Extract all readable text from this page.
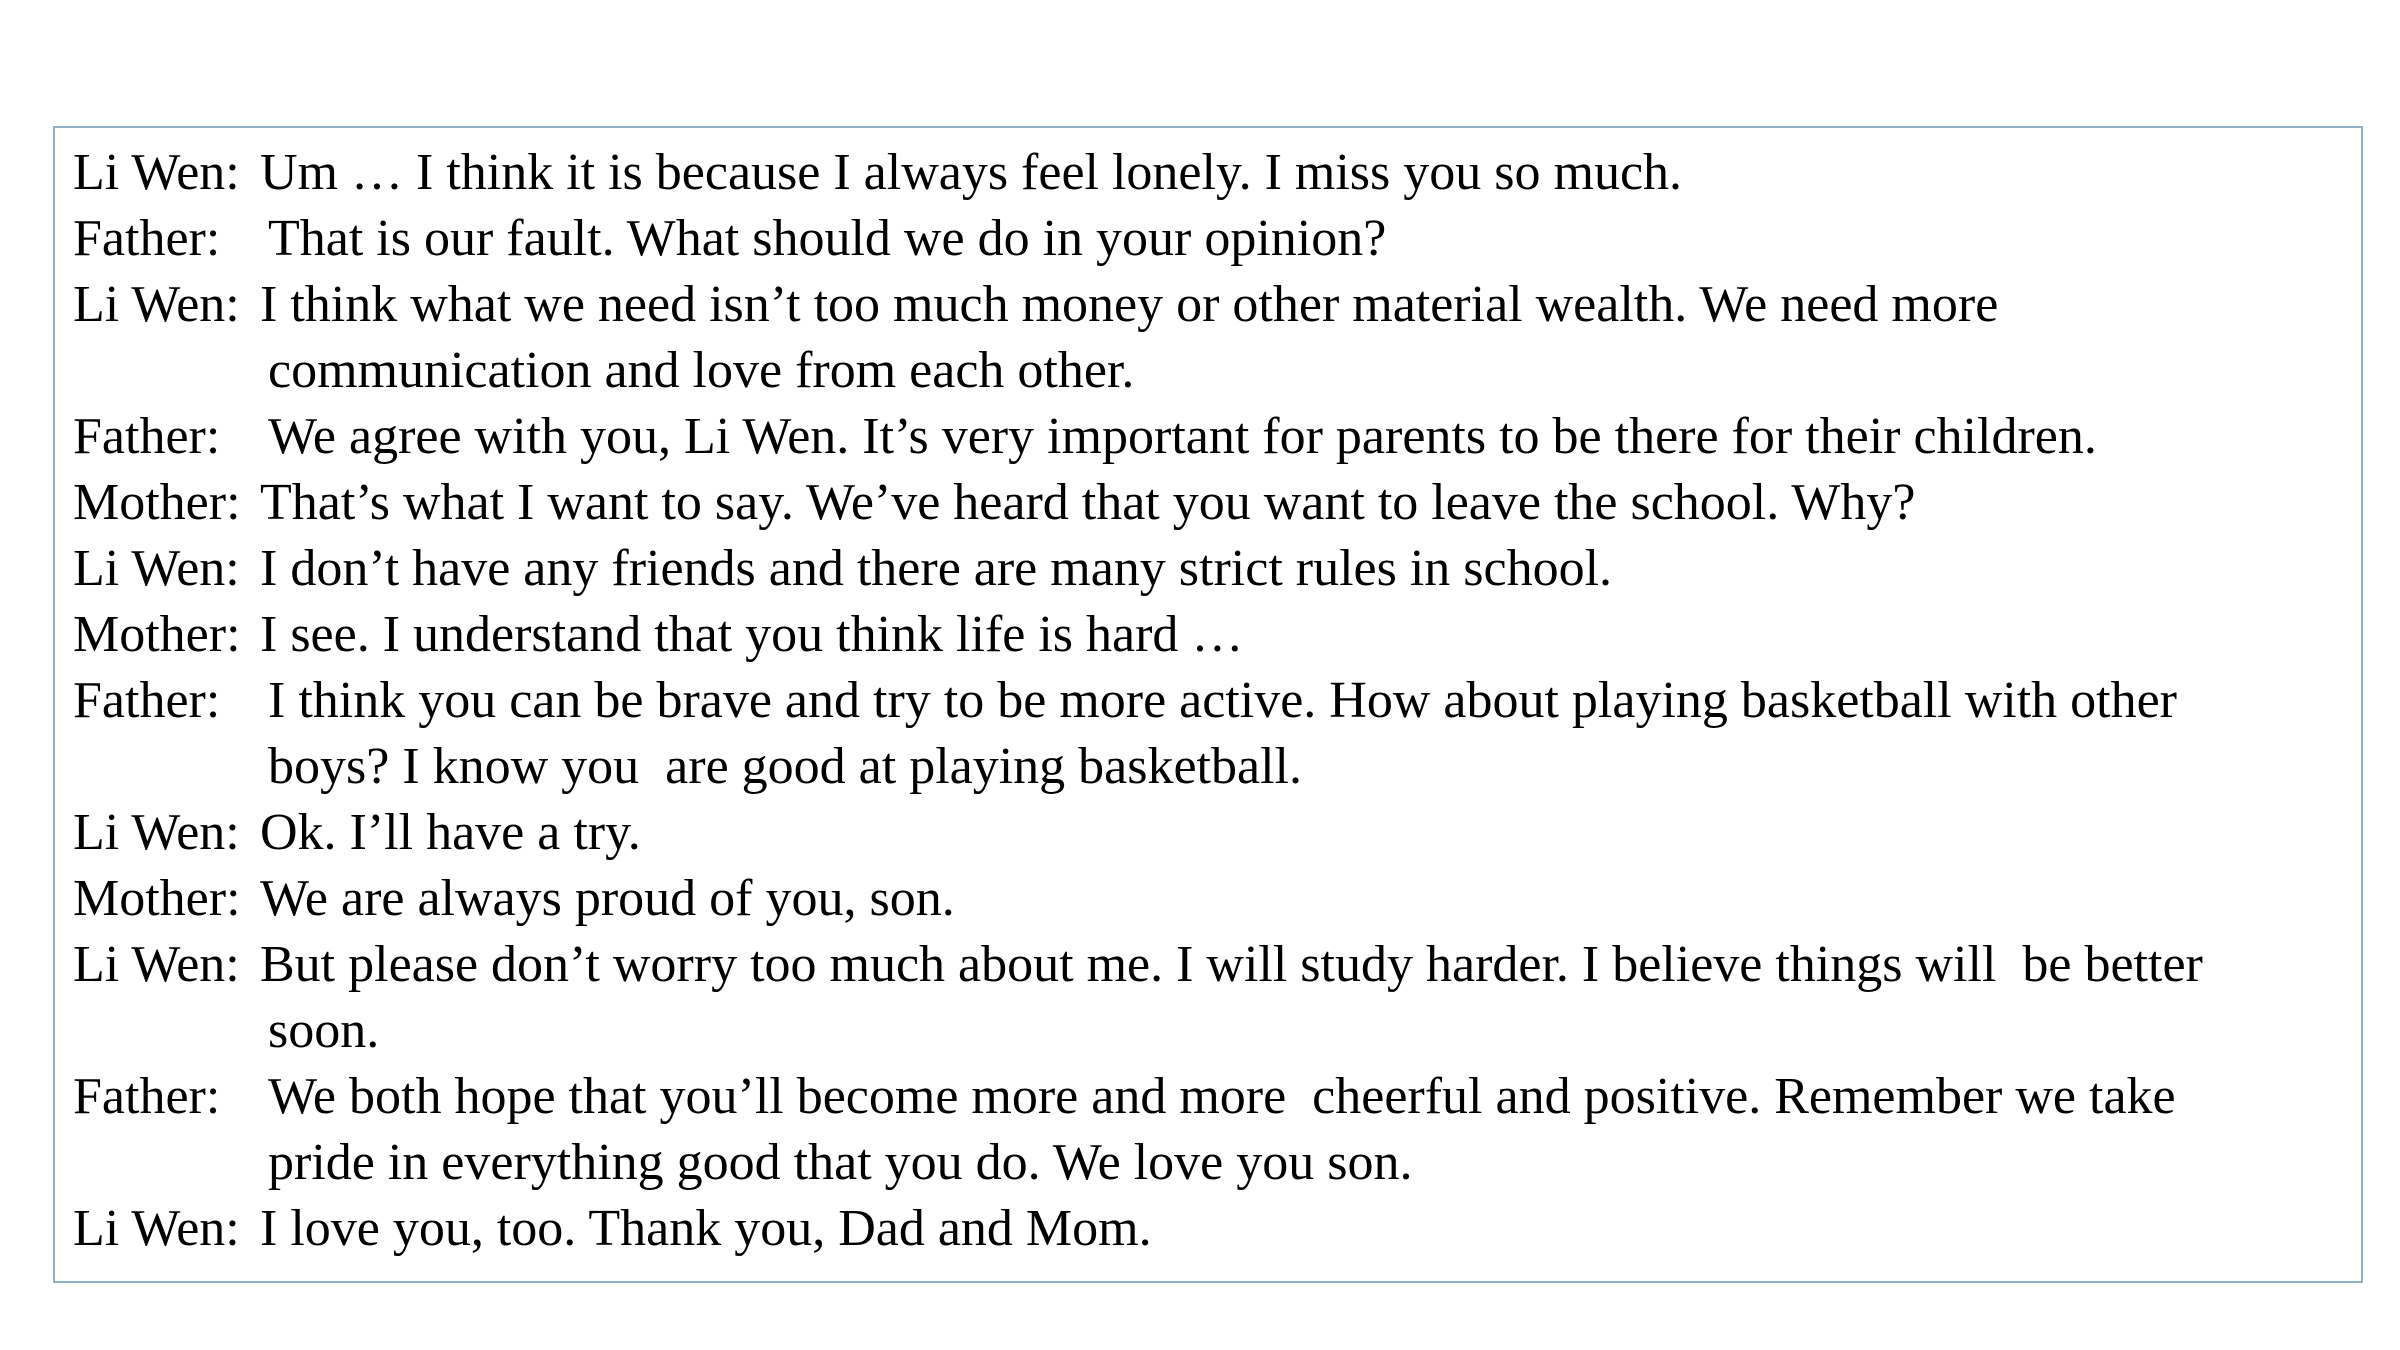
Li Wen: Um … I think it is because I always feel lonely. I miss you so much.
Father: That is our fault. What should we do in your opinion?
Li Wen: I think what we need isn’t too much money or other material wealth. We need more
communication and love from each other.
Father: We agree with you, Li Wen. It’s very important for parents to be there for their children.
Mother: That’s what I want to say. We’ve heard that you want to leave the school. Why?
Li Wen: I don’t have any friends and there are many strict rules in school.
Mother: I see. I understand that you think life is hard …
Father: I think you can be brave and try to be more active. How about playing basketball with other
boys? I know you  are good at playing basketball.
Li Wen: Ok. I’ll have a try.
Mother: We are always proud of you, son.
Li Wen: But please don’t worry too much about me. I will study harder. I believe things will  be better
soon.
Father: We both hope that you’ll become more and more  cheerful and positive. Remember we take
pride in everything good that you do. We love you son.
Li Wen: I love you, too. Thank you, Dad and Mom.
